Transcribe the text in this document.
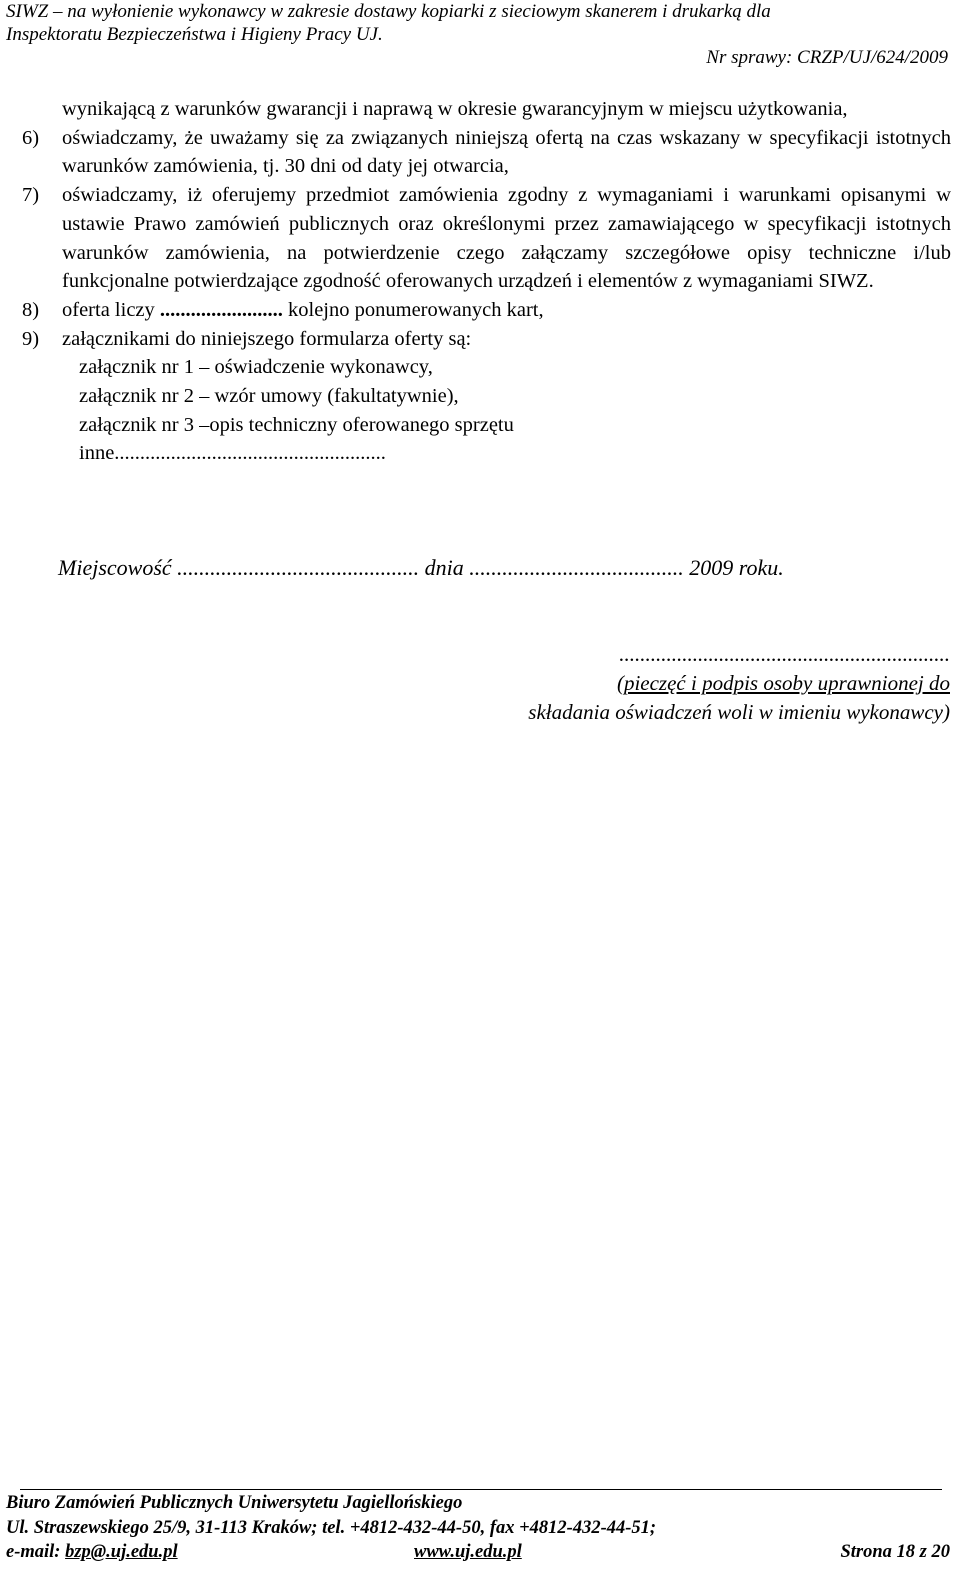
SIWZ – na wyłonienie wykonawcy w zakresie dostawy kopiarki z sieciowym skanerem i drukarką dla
Inspektoratu Bezpieczeństwa i Higieny Pracy UJ.
Nr sprawy: CRZP/UJ/624/2009
wynikającą z warunków gwarancji i naprawą w okresie gwarancyjnym w miejscu użytkowania,
6) oświadczamy, że uważamy się za związanych niniejszą ofertą na czas wskazany w specyfikacji istotnych warunków zamówienia, tj. 30 dni od daty jej otwarcia,
7) oświadczamy, iż oferujemy przedmiot zamówienia zgodny z wymaganiami i warunkami opisanymi w ustawie Prawo zamówień publicznych oraz określonymi przez zamawiającego w specyfikacji istotnych warunków zamówienia, na potwierdzenie czego załączamy szczegółowe opisy techniczne i/lub funkcjonalne potwierdzające zgodność oferowanych urządzeń i elementów z wymaganiami SIWZ.
8) oferta liczy ........................ kolejno ponumerowanych kart,
9) załącznikami do niniejszego formularza oferty są:
załącznik nr 1 – oświadczenie wykonawcy,
załącznik nr 2 – wzór umowy (fakultatywnie),
załącznik nr 3 –opis techniczny oferowanego sprzętu
inne.....................................................
Miejscowość ............................................ dnia ....................................... 2009 roku.
...............................................................
(pieczęć i podpis osoby uprawnionej do
składania oświadczeń woli w imieniu wykonawcy)
Biuro Zamówień Publicznych Uniwersytetu Jagiellońskiego
Ul. Straszewskiego 25/9, 31-113 Kraków; tel. +4812-432-44-50, fax +4812-432-44-51;
e-mail: bzp@.uj.edu.pl	www.uj.edu.pl	Strona 18 z 20
